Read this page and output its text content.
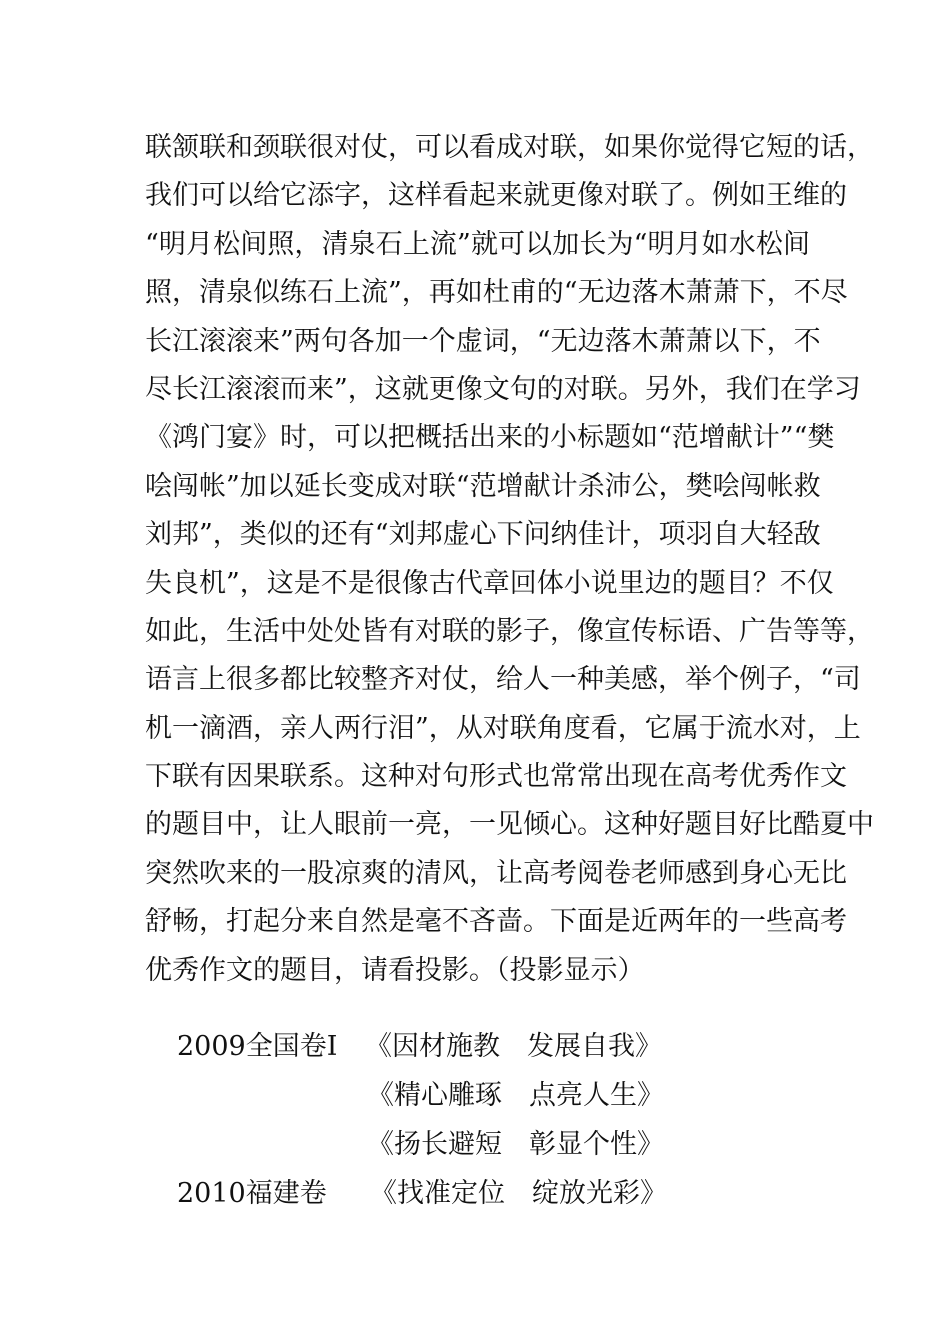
联颔联和颈联很对仗，可以看成对联，如果你觉得它短的话，
我们可以给它添字，这样看起来就更像对联了。例如王维的
“明月松间照，清泉石上流”就可以加长为“明月如水松间
照，清泉似练石上流”，再如杜甫的“无边落木萧萧下，不尽
长江滚滚来”两句各加一个虚词，“无边落木萧萧以下，不
尽长江滚滚而来”，这就更像文句的对联。另外，我们在学习
《鸿门宴》时，可以把概括出来的小标题如“范增献计”“樊
哙闯帐”加以延长变成对联“范增献计杀沛公，樊哙闯帐救
刘邦”，类似的还有“刘邦虚心下问纳佳计，项羽自大轻敌
失良机”，这是不是很像古代章回体小说里边的题目？不仅
如此，生活中处处皆有对联的影子，像宣传标语、广告等等，
语言上很多都比较整齐对仗，给人一种美感，举个例子，“司
机一滴酒，亲人两行泪”，从对联角度看，它属于流水对，上
下联有因果联系。这种对句形式也常常出现在高考优秀作文
的题目中，让人眼前一亮，一见倾心。这种好题目好比酷夏中
突然吹来的一股凉爽的清风，让高考阅卷老师感到身心无比
舒畅，打起分来自然是毫不吝啬。下面是近两年的一些高考
优秀作文的题目，请看投影。（投影显示）
2009全国卷Ⅰ 《因材施教 发展自我》
《精心雕琢 点亮人生》
《扬长避短 彰显个性》
2010福建卷 《找准定位 绽放光彩》
